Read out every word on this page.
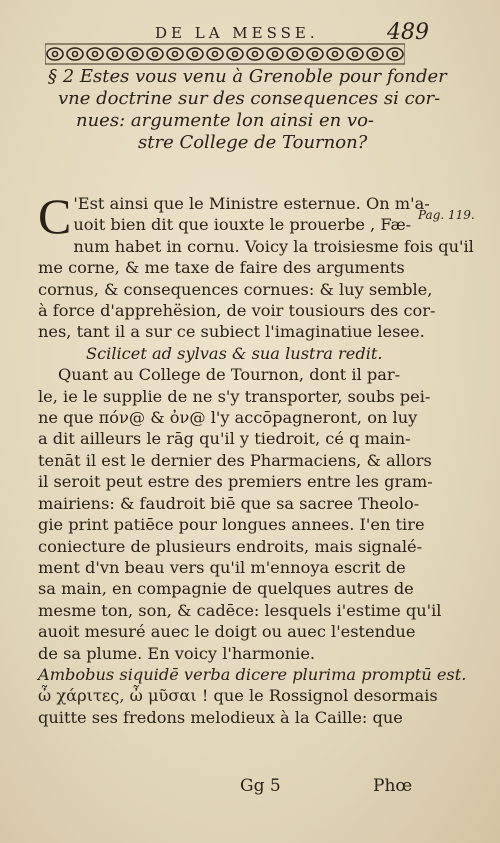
DE LA MESSE.	489
§ 2 Estes vous venu à Grenoble pour fonder
vne doctrine sur des consequences si cor-
nues: argumente lon ainsi en vo-
stre College de Tournon?
Pag. 119.
C 'Est ainsi que le Ministre esternue. On m'a-
uoit bien dit que iouxte le prouerbe , Fæ-
num habet in cornu. Voicy la troisiesme fois qu'il
me corne, & me taxe de faire des arguments
cornus, & consequences cornues: & luy semble,
à force d'apprehësion, de voir tousiours des cor-
nes, tant il a sur ce subiect l'imaginatiue lesee.
Scilicet ad sylvas & sua lustra redit.
Quant au College de Tournon, dont il par-
le, ie le supplie de ne s'y transporter, soubs pei-
ne que πόν@ & ὀν@ l'y accōpagneront, on luy
a dit ailleurs le rāg qu'il y tiedroit, cé q main-
tenāt il est le dernier des Pharmaciens, & allors
il seroit peut estre des premiers entre les gram-
mairiens: & faudroit biē que sa sacree Theolo-
gie print patiēce pour longues annees. I'en tire
coniecture de plusieurs endroits, mais signalé-
ment d'vn beau vers qu'il m'ennoya escrit de
sa main, en compagnie de quelques autres de
mesme ton, son, & cadēce: lesquels i'estime qu'il
auoit mesuré auec le doigt ou auec l'estendue
de sa plume. En voicy l'harmonie.
Ambobus siquidē verba dicere plurima promptū est.
ὦ χάριτες, ὦ μῦσαι ! que le Rossignol desormais
quitte ses fredons melodieux à la Caille: que
Gg 5	Phœ
